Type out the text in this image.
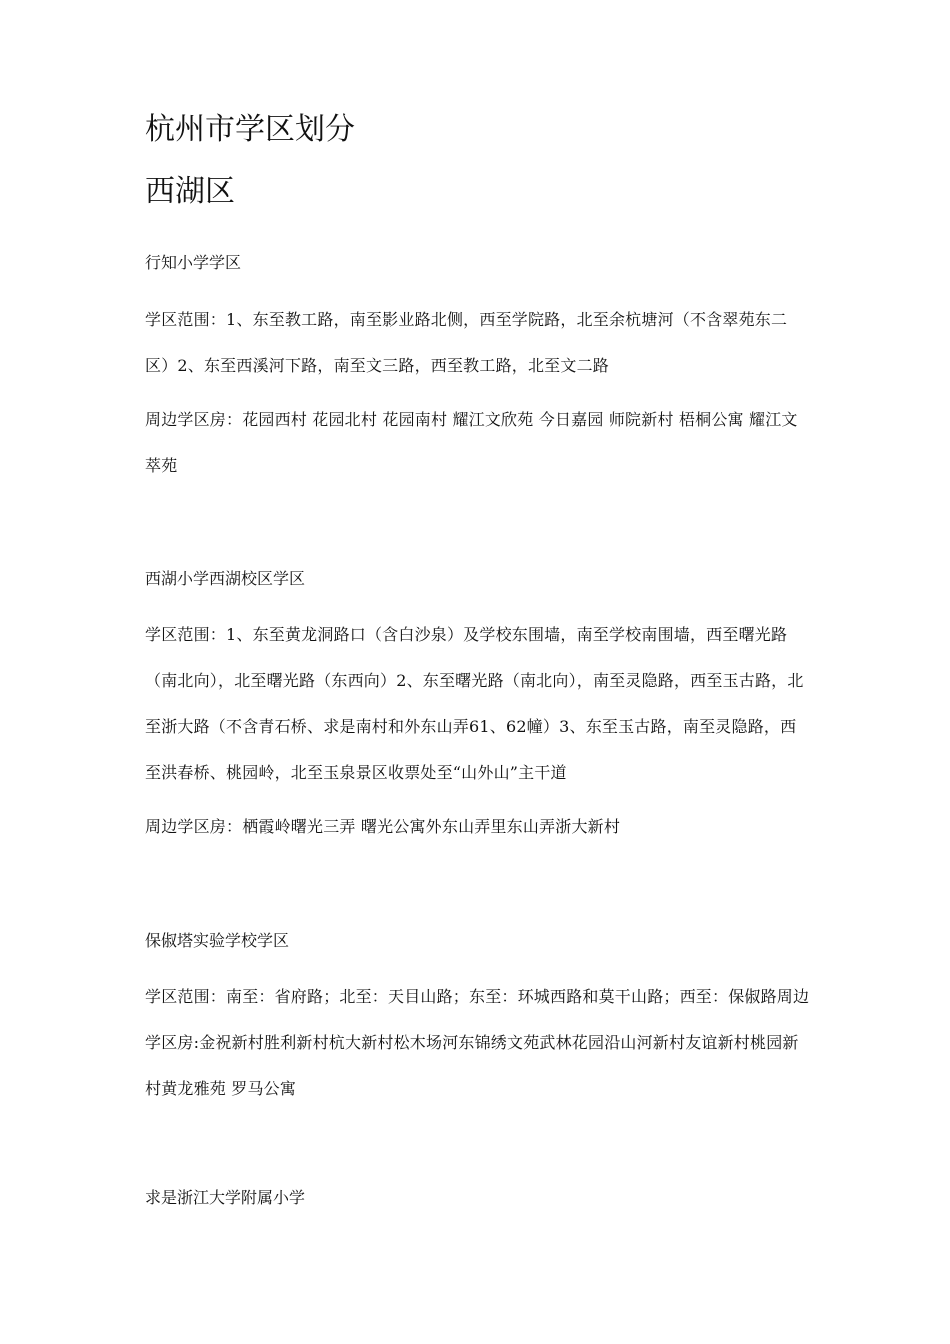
杭州市学区划分
西湖区
行知小学学区

学区范围：1、东至教工路，南至影业路北侧，西至学院路，北至余杭塘河（不含翠苑东二区）2、东至西溪河下路，南至文三路，西至教工路，北至文二路

周边学区房：花园西村 花园北村 花园南村 耀江文欣苑 今日嘉园 师院新村 梧桐公寓 耀江文萃苑

西湖小学西湖校区学区

学区范围：1、东至黄龙洞路口（含白沙泉）及学校东围墙，南至学校南围墙，西至曙光路（南北向），北至曙光路（东西向）2、东至曙光路（南北向），南至灵隐路，西至玉古路，北至浙大路（不含青石桥、求是南村和外东山弄61、62幢）3、东至玉古路，南至灵隐路，西至洪春桥、桃园岭，北至玉泉景区收票处至“山外山”主干道

周边学区房：栖霞岭曙光三弄 曙光公寓外东山弄里东山弄浙大新村

保俶塔实验学校学区

学区范围：南至：省府路；北至：天目山路；东至：环城西路和莫干山路；西至：保俶路周边学区房:金祝新村胜利新村杭大新村松木场河东锦绣文苑武林花园沿山河新村友谊新村桃园新村黄龙雅苑 罗马公寓

求是浙江大学附属小学
